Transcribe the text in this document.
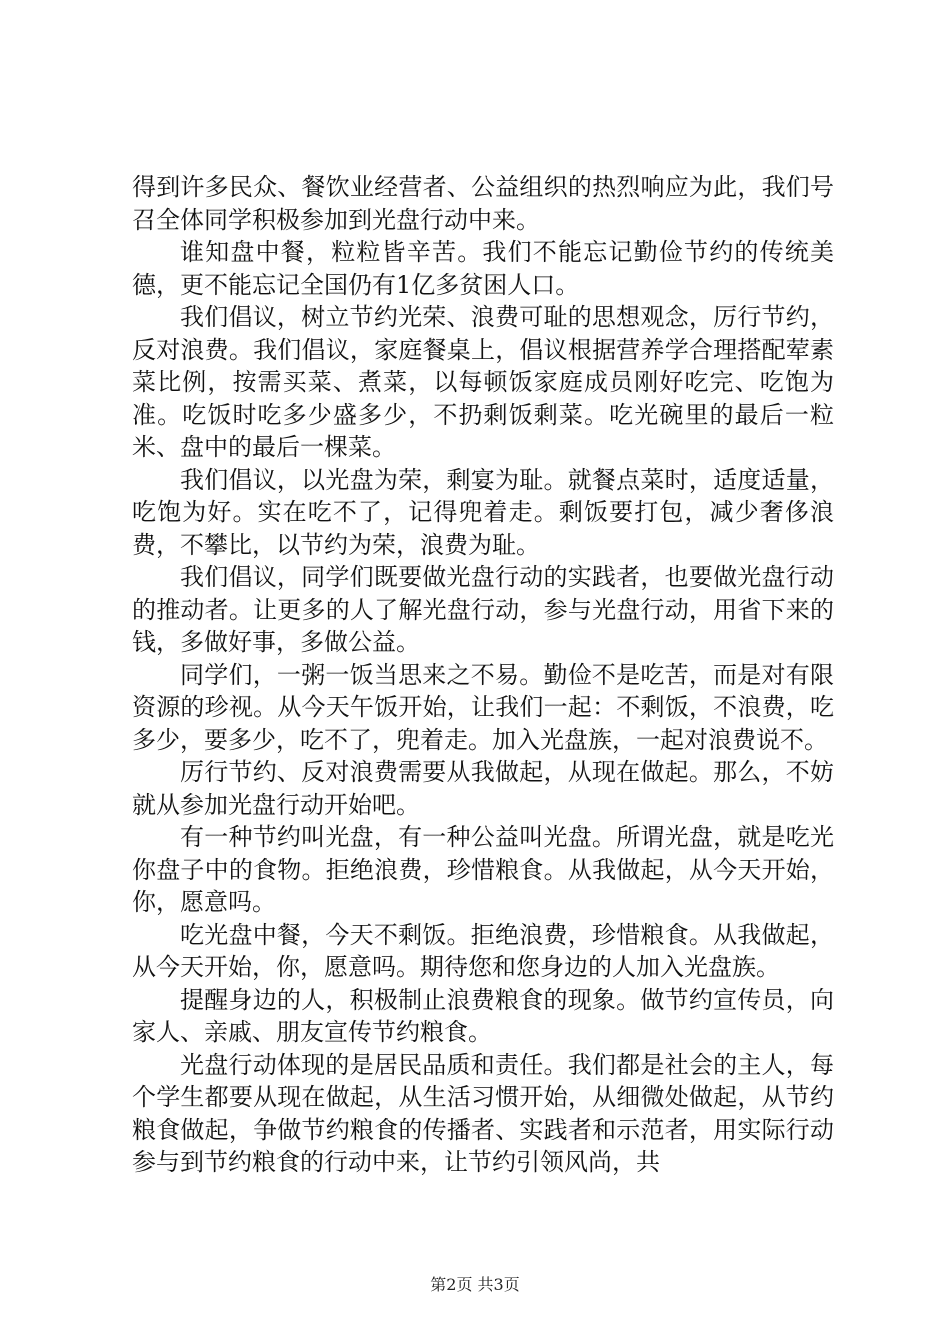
得到许多民众、餐饮业经营者、公益组织的热烈响应为此，我们号召全体同学积极参加到光盘行动中来。

谁知盘中餐，粒粒皆辛苦。我们不能忘记勤俭节约的传统美德，更不能忘记全国仍有1亿多贫困人口。

我们倡议，树立节约光荣、浪费可耻的思想观念，厉行节约，反对浪费。我们倡议，家庭餐桌上，倡议根据营养学合理搭配荤素菜比例，按需买菜、煮菜，以每顿饭家庭成员刚好吃完、吃饱为准。吃饭时吃多少盛多少，不扔剩饭剩菜。吃光碗里的最后一粒米、盘中的最后一棵菜。

我们倡议，以光盘为荣，剩宴为耻。就餐点菜时，适度适量，吃饱为好。实在吃不了，记得兜着走。剩饭要打包，减少奢侈浪费，不攀比，以节约为荣，浪费为耻。

我们倡议，同学们既要做光盘行动的实践者，也要做光盘行动的推动者。让更多的人了解光盘行动，参与光盘行动，用省下来的钱，多做好事，多做公益。

同学们，一粥一饭当思来之不易。勤俭不是吃苦，而是对有限资源的珍视。从今天午饭开始，让我们一起：不剩饭，不浪费，吃多少，要多少，吃不了，兜着走。加入光盘族，一起对浪费说不。

厉行节约、反对浪费需要从我做起，从现在做起。那么，不妨就从参加光盘行动开始吧。

有一种节约叫光盘，有一种公益叫光盘。所谓光盘，就是吃光你盘子中的食物。拒绝浪费，珍惜粮食。从我做起，从今天开始，你，愿意吗。

吃光盘中餐，今天不剩饭。拒绝浪费，珍惜粮食。从我做起，从今天开始，你，愿意吗。期待您和您身边的人加入光盘族。

提醒身边的人，积极制止浪费粮食的现象。做节约宣传员，向家人、亲戚、朋友宣传节约粮食。

光盘行动体现的是居民品质和责任。我们都是社会的主人，每个学生都要从现在做起，从生活习惯开始，从细微处做起，从节约粮食做起，争做节约粮食的传播者、实践者和示范者，用实际行动参与到节约粮食的行动中来，让节约引领风尚，共

第2页 共3页
